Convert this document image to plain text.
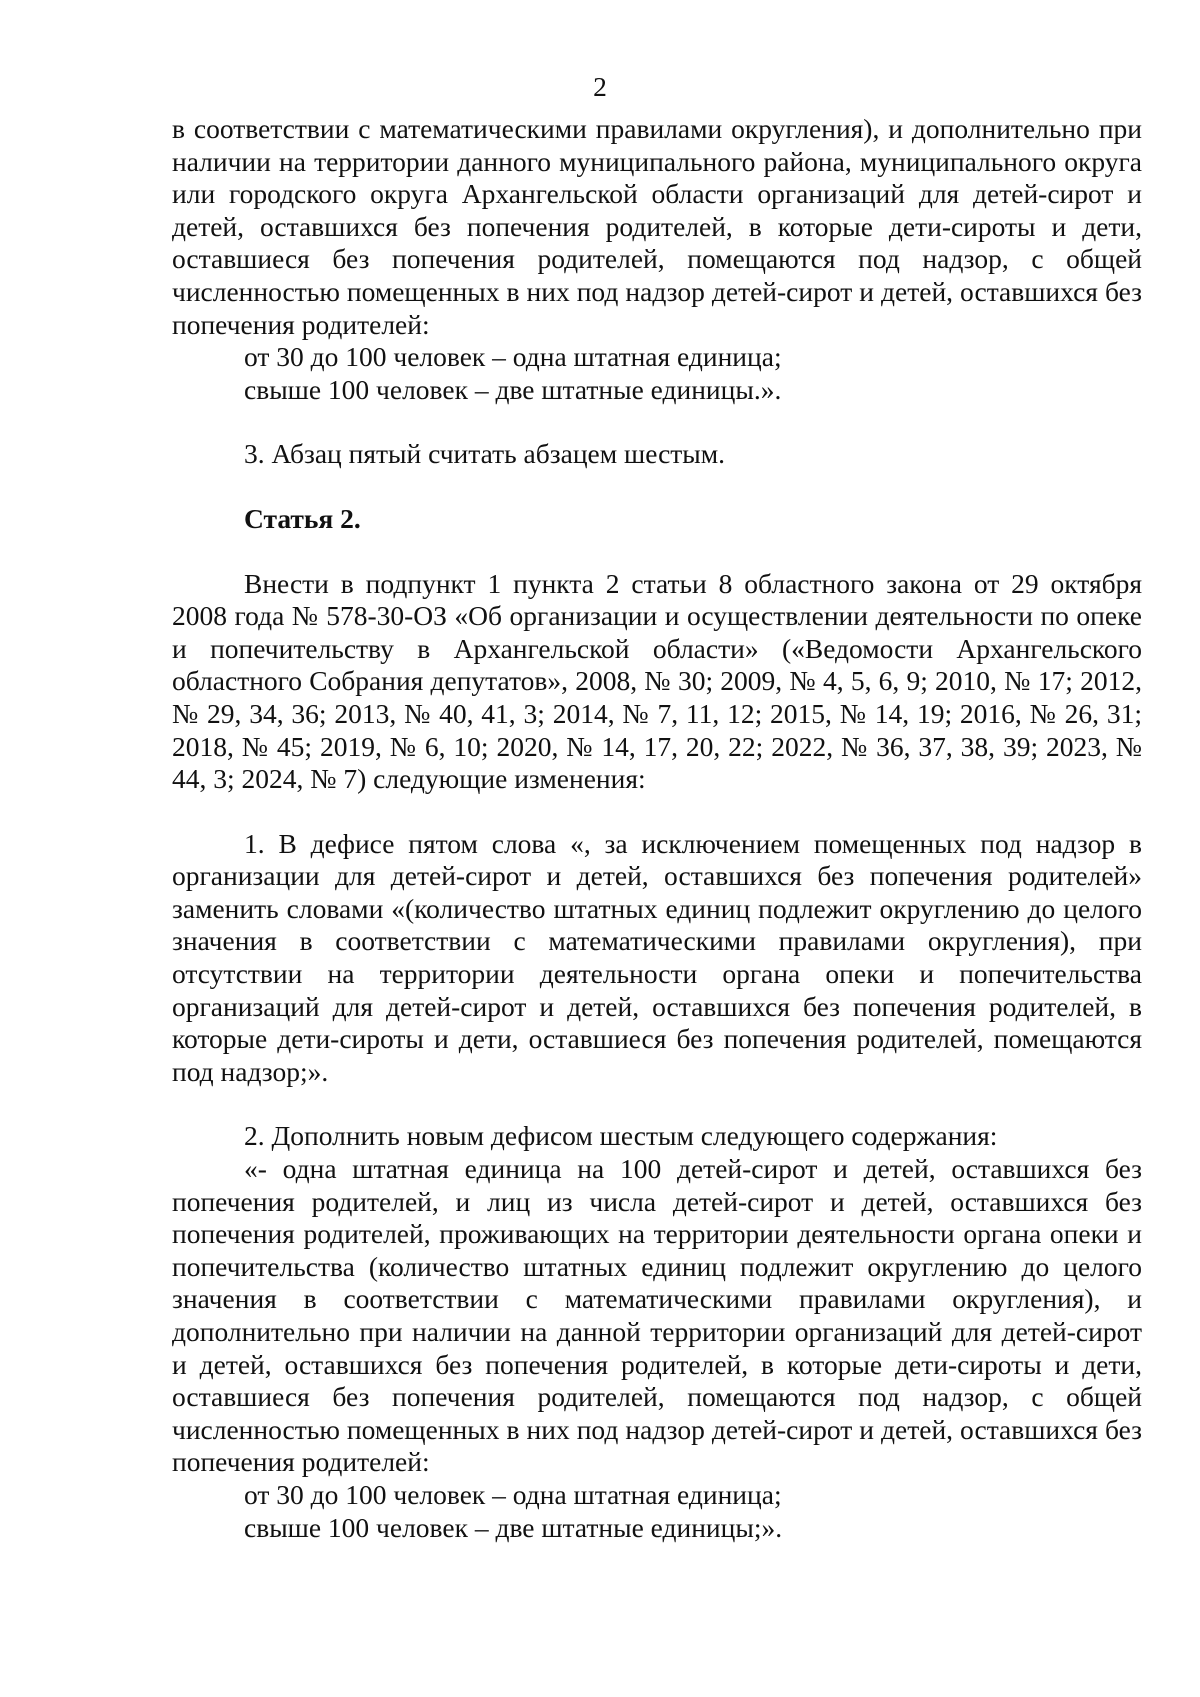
2

в соответствии с математическими правилами округления), и дополнительно при наличии на территории данного муниципального района, муниципального округа или городского округа Архангельской области организаций для детей-сирот и детей, оставшихся без попечения родителей, в которые дети-сироты и дети, оставшиеся без попечения родителей, помещаются под надзор, с общей численностью помещенных в них под надзор детей-сирот и детей, оставшихся без попечения родителей:

от 30 до 100 человек – одна штатная единица;

свыше 100 человек – две штатные единицы.».

3. Абзац пятый считать абзацем шестым.

Статья 2.

Внести в подпункт 1 пункта 2 статьи 8 областного закона от 29 октября 2008 года № 578-30-ОЗ «Об организации и осуществлении деятельности по опеке и попечительству в Архангельской области» («Ведомости Архангельского областного Собрания депутатов», 2008, № 30; 2009, № 4, 5, 6, 9; 2010, № 17; 2012, № 29, 34, 36; 2013, № 40, 41, 3; 2014, № 7, 11, 12; 2015, № 14, 19; 2016, № 26, 31; 2018, № 45; 2019, № 6, 10; 2020, № 14, 17, 20, 22; 2022, № 36, 37, 38, 39; 2023, № 44, 3; 2024, № 7) следующие изменения:

1. В дефисе пятом слова «, за исключением помещенных под надзор в организации для детей-сирот и детей, оставшихся без попечения родителей» заменить словами «(количество штатных единиц подлежит округлению до целого значения в соответствии с математическими правилами округления), при отсутствии на территории деятельности органа опеки и попечительства организаций для детей-сирот и детей, оставшихся без попечения родителей, в которые дети-сироты и дети, оставшиеся без попечения родителей, помещаются под надзор;».

2. Дополнить новым дефисом шестым следующего содержания:

«- одна штатная единица на 100 детей-сирот и детей, оставшихся без попечения родителей, и лиц из числа детей-сирот и детей, оставшихся без попечения родителей, проживающих на территории деятельности органа опеки и попечительства (количество штатных единиц подлежит округлению до целого значения в соответствии с математическими правилами округления), и дополнительно при наличии на данной территории организаций для детей-сирот и детей, оставшихся без попечения родителей, в которые дети-сироты и дети, оставшиеся без попечения родителей, помещаются под надзор, с общей численностью помещенных в них под надзор детей-сирот и детей, оставшихся без попечения родителей:

от 30 до 100 человек – одна штатная единица;

свыше 100 человек – две штатные единицы;».
